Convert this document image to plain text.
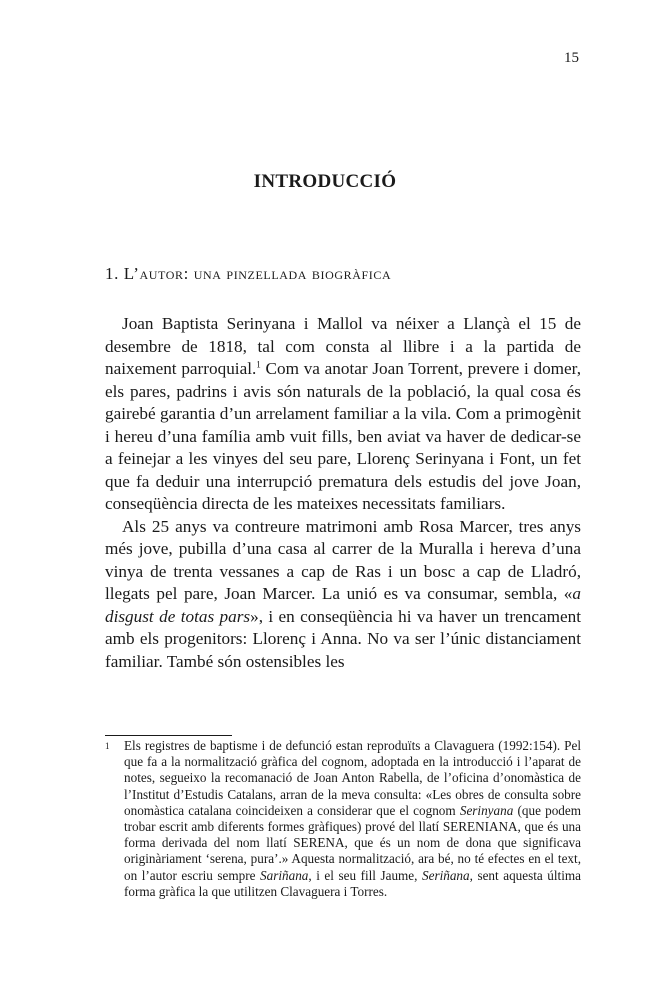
15
INTRODUCCIÓ
1. L’autor: una pinzellada biogràfica

Joan Baptista Serinyana i Mallol va néixer a Llançà el 15 de desembre de 1818, tal com consta al llibre i a la partida de naixement parroquial.$^1$ Com va anotar Joan Torrent, prevere i domer, els pares, padrins i avis són naturals de la població, la qual cosa és gairebé garantia d’un arrelament familiar a la vila. Com a primogènit i hereu d’una família amb vuit fills, ben aviat va haver de dedicar-se a feinejar a les vinyes del seu pare, Llorenç Serinyana i Font, un fet que fa deduir una interrupció prematura dels estudis del jove Joan, conseqüència directa de les mateixes necessitats familiars.

Als 25 anys va contreure matrimoni amb Rosa Marcer, tres anys més jove, pubilla d’una casa al carrer de la Muralla i hereva d’una vinya de trenta vessanes a cap de Ras i un bosc a cap de Lladró, llegats pel pare, Joan Marcer. La unió es va consumar, sembla, «a disgust de totas pars», i en conseqüència hi va haver un trencament amb els progenitors: Llorenç i Anna. No va ser l’únic distanciament familiar. També són ostensibles les

1 Els registres de baptisme i de defunció estan reproduïts a Clavaguera (1992:154). Pel que fa a la normalització gràfica del cognom, adoptada en la introducció i l’aparat de notes, segueixo la recomanació de Joan Anton Rabella, de l’oficina d’onomàstica de l’Institut d’Estudis Catalans, arran de la meva consulta: «Les obres de consulta sobre onomàstica catalana coincideixen a considerar que el cognom Serinyana (que podem trobar escrit amb diferents formes gràfiques) prové del llatí SERENIANA, que és una forma derivada del nom llatí SERENA, que és un nom de dona que significava originàriament ‘serena, pura’.» Aquesta normalització, ara bé, no té efectes en el text, on l’autor escriu sempre Sariñana, i el seu fill Jaume, Seriñana, sent aquesta última forma gràfica la que utilitzen Clavaguera i Torres.
